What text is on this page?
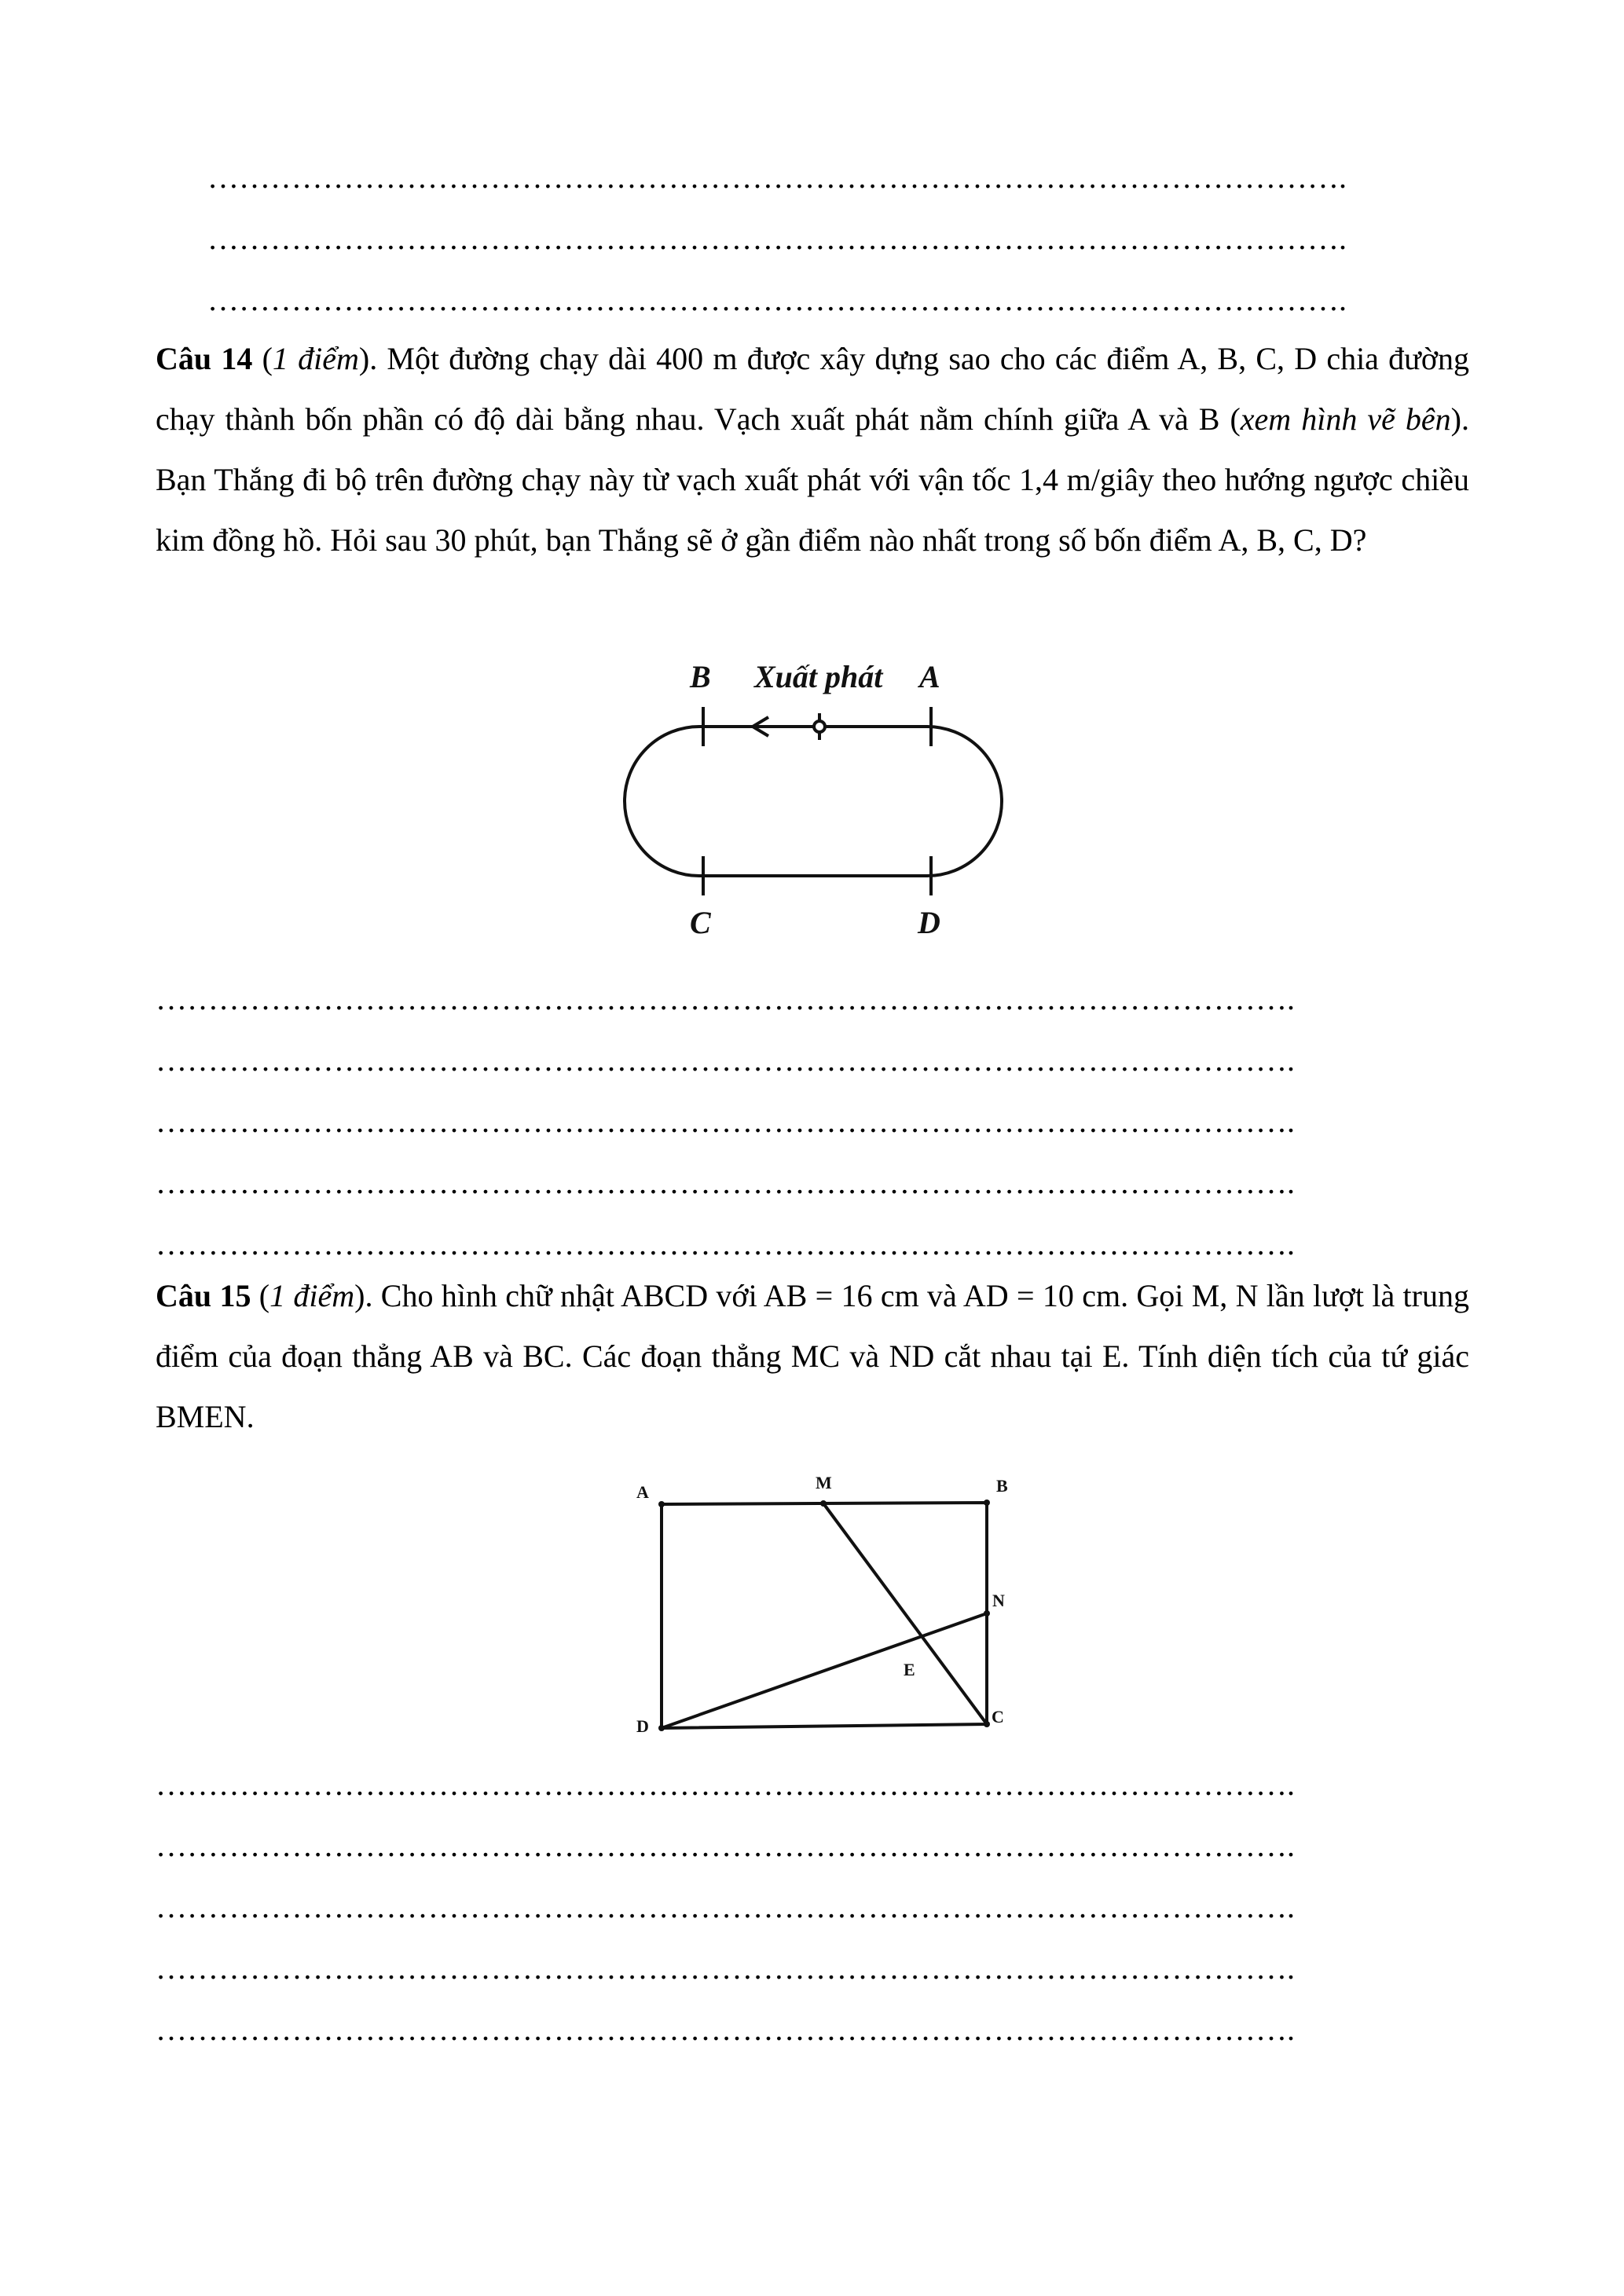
……………………………………………………………………………………………….
……………………………………………………………………………………………….
……………………………………………………………………………………………….
Câu 14 (1 điểm). Một đường chạy dài 400 m được xây dựng sao cho các điểm A, B, C, D chia đường chạy thành bốn phần có độ dài bằng nhau. Vạch xuất phát nằm chính giữa A và B (xem hình vẽ bên). Bạn Thắng đi bộ trên đường chạy này từ vạch xuất phát với vận tốc 1,4 m/giây theo hướng ngược chiều kim đồng hồ. Hỏi sau 30 phút, bạn Thắng sẽ ở gần điểm nào nhất trong số bốn điểm A, B, C, D?
B Xuất phát A
C	D
……………………………………………………………………………………………….
……………………………………………………………………………………………….
……………………………………………………………………………………………….
……………………………………………………………………………………………….
……………………………………………………………………………………………….
Câu 15 (1 điểm). Cho hình chữ nhật ABCD với AB = 16 cm và AD = 10 cm. Gọi M, N lần lượt là trung điểm của đoạn thẳng AB và BC. Các đoạn thẳng MC và ND cắt nhau tại E. Tính diện tích của tứ giác BMEN.
A	M	B
N
E
D	C
……………………………………………………………………………………………….
……………………………………………………………………………………………….
……………………………………………………………………………………………….
……………………………………………………………………………………………….
……………………………………………………………………………………………….
